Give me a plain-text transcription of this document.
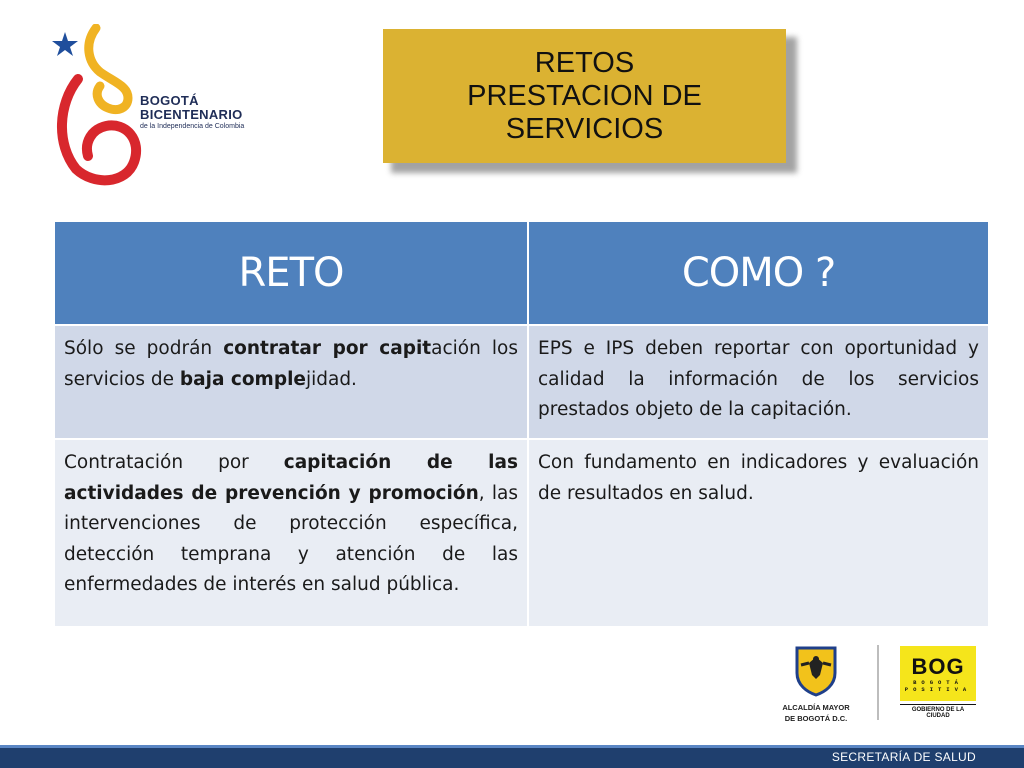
BOGOTÁ
BICENTENARIO
de la Independencia de Colombia
RETOS
PRESTACION DE
SERVICIOS
RETO	COMO ?
Sólo se podrán contratar por capitación los servicios de baja complejidad.	EPS e IPS deben reportar con oportunidad y calidad la información de los servicios prestados objeto de la capitación.
Contratación por capitación de las actividades de prevención y promoción, las intervenciones de protección específica, detección temprana y atención de las enfermedades de interés en salud pública.	Con fundamento en indicadores y evaluación de resultados en salud.
ALCALDÍA MAYOR
DE BOGOTÁ D.C.
BOG
BOGOTÁ
POSITIVA
GOBIERNO DE LA CIUDAD
SECRETARÍA DE SALUD
